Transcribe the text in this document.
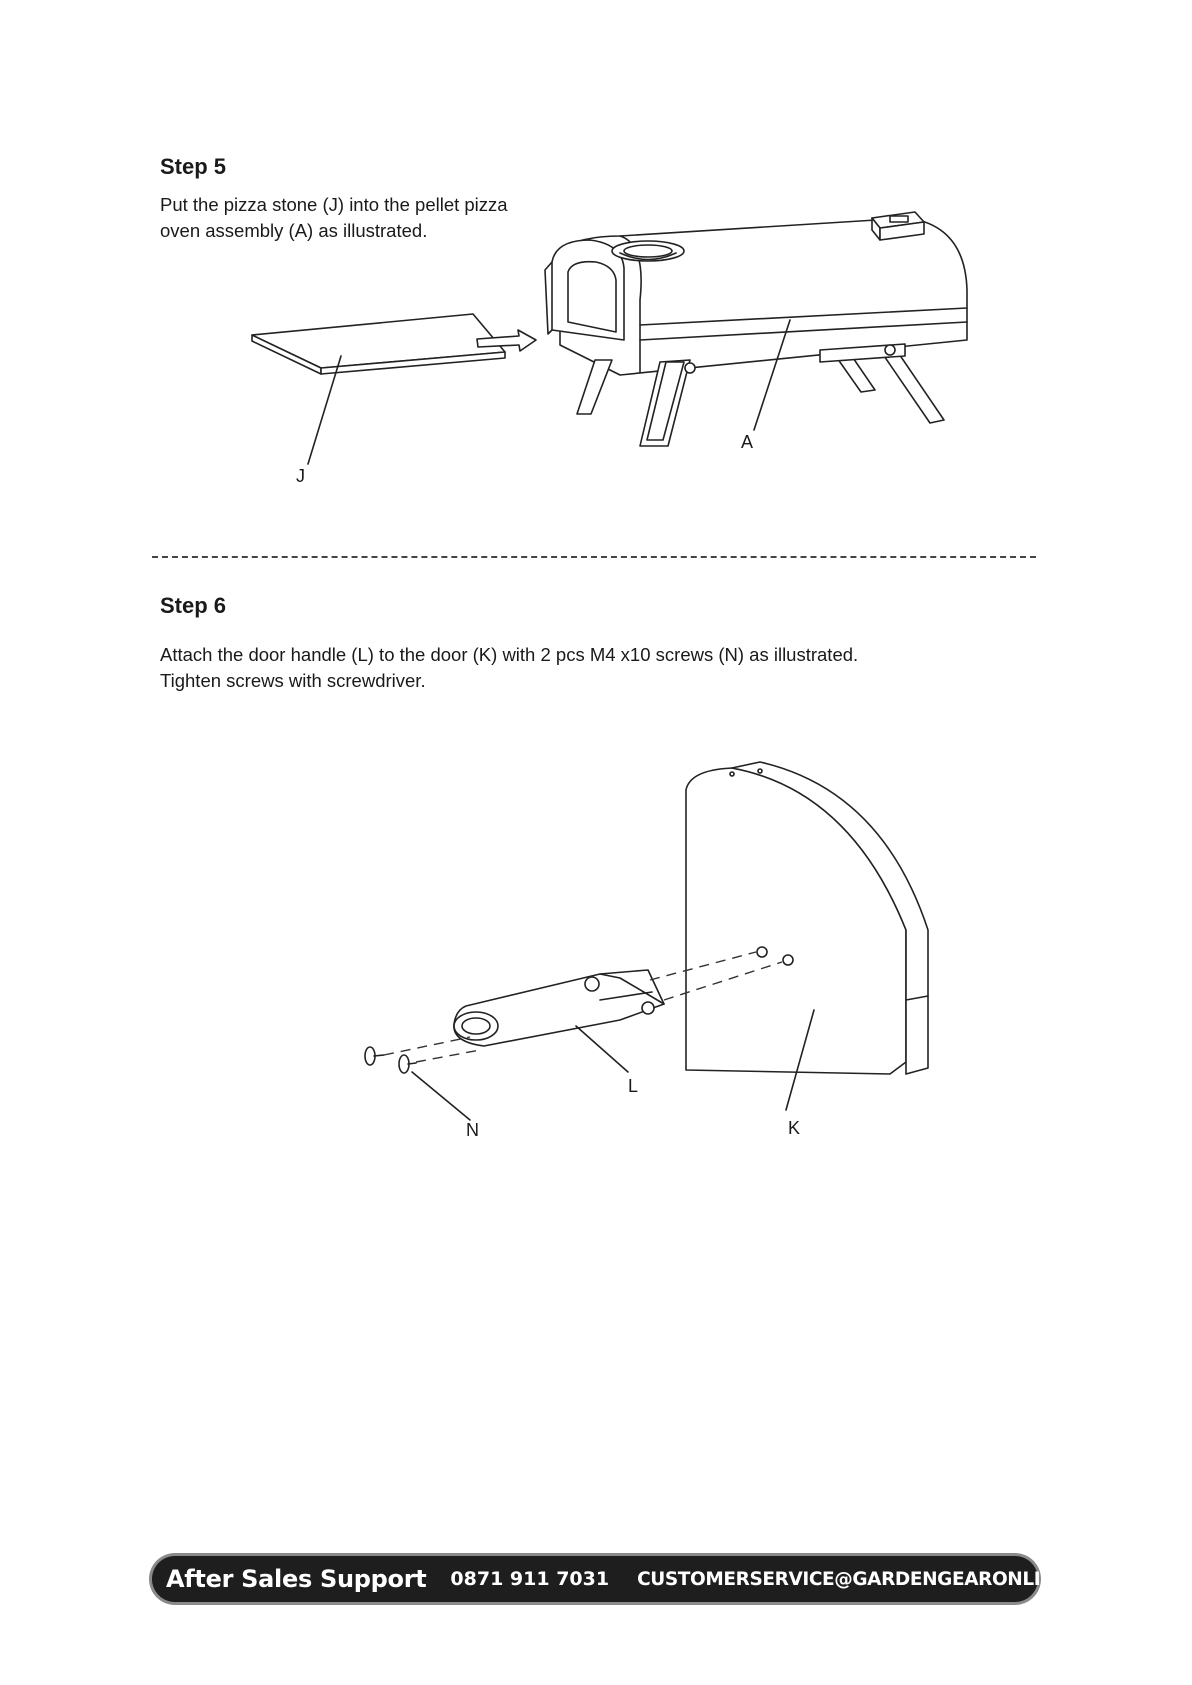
Step 5
Put the pizza stone (J) into the pellet pizza
oven assembly (A) as illustrated.
J
A
Step 6
Attach the door handle (L) to the door (K) with 2 pcs M4 x10 screws (N) as illustrated.
Tighten screws with screwdriver.
L
N	K
After Sales Support 0871 911 7031 CUSTOMERSERVICE@GARDENGEARONLINE.CO.UK
